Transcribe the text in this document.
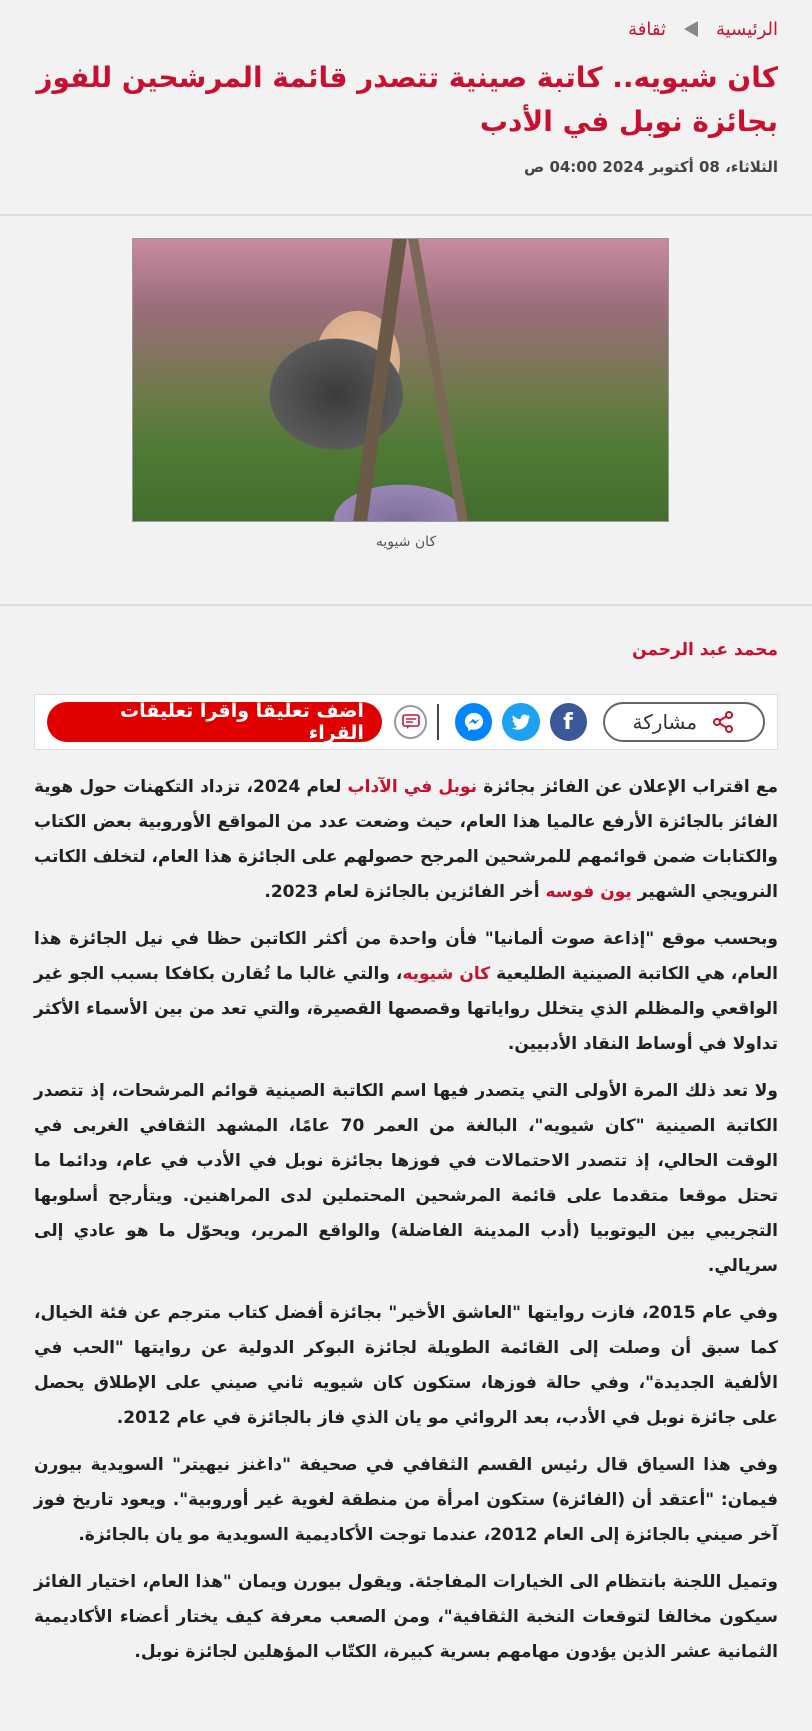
الرئيسية
ثقافة
كان شيويه.. كاتبة صينية تتصدر قائمة المرشحين للفوز بجائزة نوبل في الأدب
الثلاثاء، 08 أكتوبر 2024 04:00 ص
كان شيويه
محمد عبد الرحمن
مشاركة
f
اضف تعليقاً واقرأ تعليقات القراء

مع اقتراب الإعلان عن الفائز بجائزة نوبل في الآداب لعام 2024، تزداد التكهنات حول هوية الفائز بالجائزة الأرفع عالميا هذا العام، حيث وضعت عدد من المواقع الأوروبية بعض الكتاب والكتابات ضمن قوائمهم للمرشحين المرجح حصولهم على الجائزة هذا العام، لتخلف الكاتب النرويجي الشهير يون فوسه أخر الفائزين بالجائزة لعام 2023.

وبحسب موقع "إذاعة صوت ألمانيا" فأن واحدة من أكثر الكاتبن حظا في نيل الجائزة هذا العام، هي الكاتبة الصينية الطليعية كان شيويه، والتي غالبا ما تُقارن بكافكا بسبب الجو غير الواقعي والمظلم الذي يتخلل رواياتها وقصصها القصيرة، والتي تعد من بين الأسماء الأكثر تداولا في أوساط النقاد الأدبيين.

ولا تعد ذلك المرة الأولى التي يتصدر فيها اسم الكاتبة الصينية قوائم المرشحات، إذ تتصدر الكاتبة الصينية "كان شيويه"، البالغة من العمر 70 عامًا، المشهد الثقافي الغربى في الوقت الحالي، إذ تتصدر الاحتمالات في فوزها بجائزة نوبل في الأدب في عام، ودائما ما تحتل موقعا متقدما على قائمة المرشحين المحتملين لدى المراهنين. ويتأرجح أسلوبها التجريبي بين اليوتوبيا (أدب المدينة الفاضلة) والواقع المرير، ويحوّل ما هو عادي إلى سريالي.

وفي عام 2015، فازت روايتها "العاشق الأخير" بجائزة أفضل كتاب مترجم عن فئة الخيال، كما سبق أن وصلت إلى القائمة الطويلة لجائزة البوكر الدولية عن روايتها "الحب في الألفية الجديدة"، وفي حالة فوزها، ستكون كان شيويه ثاني صيني على الإطلاق يحصل على جائزة نوبل في الأدب، بعد الروائي مو يان الذي فاز بالجائزة في عام 2012.

وفي هذا السياق قال رئيس القسم الثقافي في صحيفة "داغنز نيهيتر" السويدية بيورن فيمان: "أعتقد أن (الفائزة) ستكون امرأة من منطقة لغوية غير أوروبية". ويعود تاريخ فوز آخر صيني بالجائزة إلى العام 2012، عندما توجت الأكاديمية السويدية مو يان بالجائزة.

وتميل اللجنة بانتظام الى الخيارات المفاجئة. ويقول بيورن ويمان "هذا العام، اختيار الفائز سيكون مخالفا لتوقعات النخبة الثقافية"، ومن الصعب معرفة كيف يختار أعضاء الأكاديمية الثمانية عشر الذين يؤدون مهامهم بسرية كبيرة، الكتّاب المؤهلين لجائزة نوبل.
